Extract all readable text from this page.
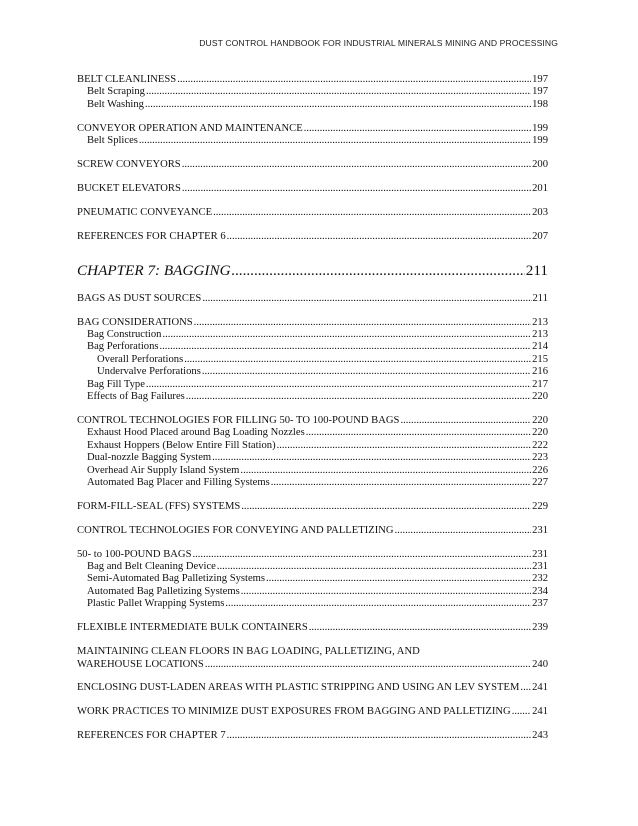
DUST CONTROL HANDBOOK FOR INDUSTRIAL MINERALS MINING AND PROCESSING
BELT CLEANLINESS .....	197
Belt Scraping .....	197
Belt Washing .....	198
CONVEYOR OPERATION AND MAINTENANCE .....	199
Belt Splices .....	199
SCREW CONVEYORS .....	200
BUCKET ELEVATORS .....	201
PNEUMATIC CONVEYANCE .....	203
REFERENCES FOR CHAPTER 6 .....	207
CHAPTER 7: BAGGING .....	211
BAGS AS DUST SOURCES .....	211
BAG CONSIDERATIONS .....	213
Bag Construction .....	213
Bag Perforations .....	214
Overall Perforations .....	215
Undervalve Perforations .....	216
Bag Fill Type .....	217
Effects of Bag Failures .....	220
CONTROL TECHNOLOGIES FOR FILLING 50- TO 100-POUND BAGS .....	220
Exhaust Hood Placed around Bag Loading Nozzles .....	220
Exhaust Hoppers (Below Entire Fill Station) .....	222
Dual-nozzle Bagging System .....	223
Overhead Air Supply Island System .....	226
Automated Bag Placer and Filling Systems .....	227
FORM-FILL-SEAL (FFS) SYSTEMS .....	229
CONTROL TECHNOLOGIES FOR CONVEYING AND PALLETIZING .....	231
50- to 100-POUND BAGS .....	231
Bag and Belt Cleaning Device .....	231
Semi-Automated Bag Palletizing Systems .....	232
Automated Bag Palletizing Systems .....	234
Plastic Pallet Wrapping Systems .....	237
FLEXIBLE INTERMEDIATE BULK CONTAINERS .....	239
MAINTAINING CLEAN FLOORS IN BAG LOADING, PALLETIZING, AND
WAREHOUSE LOCATIONS .....	240
ENCLOSING DUST-LADEN AREAS WITH PLASTIC STRIPPING AND USING AN LEV SYSTEM ..... 241
WORK PRACTICES TO MINIMIZE DUST EXPOSURES FROM BAGGING AND PALLETIZING ..... 241
REFERENCES FOR CHAPTER 7 .....	243
